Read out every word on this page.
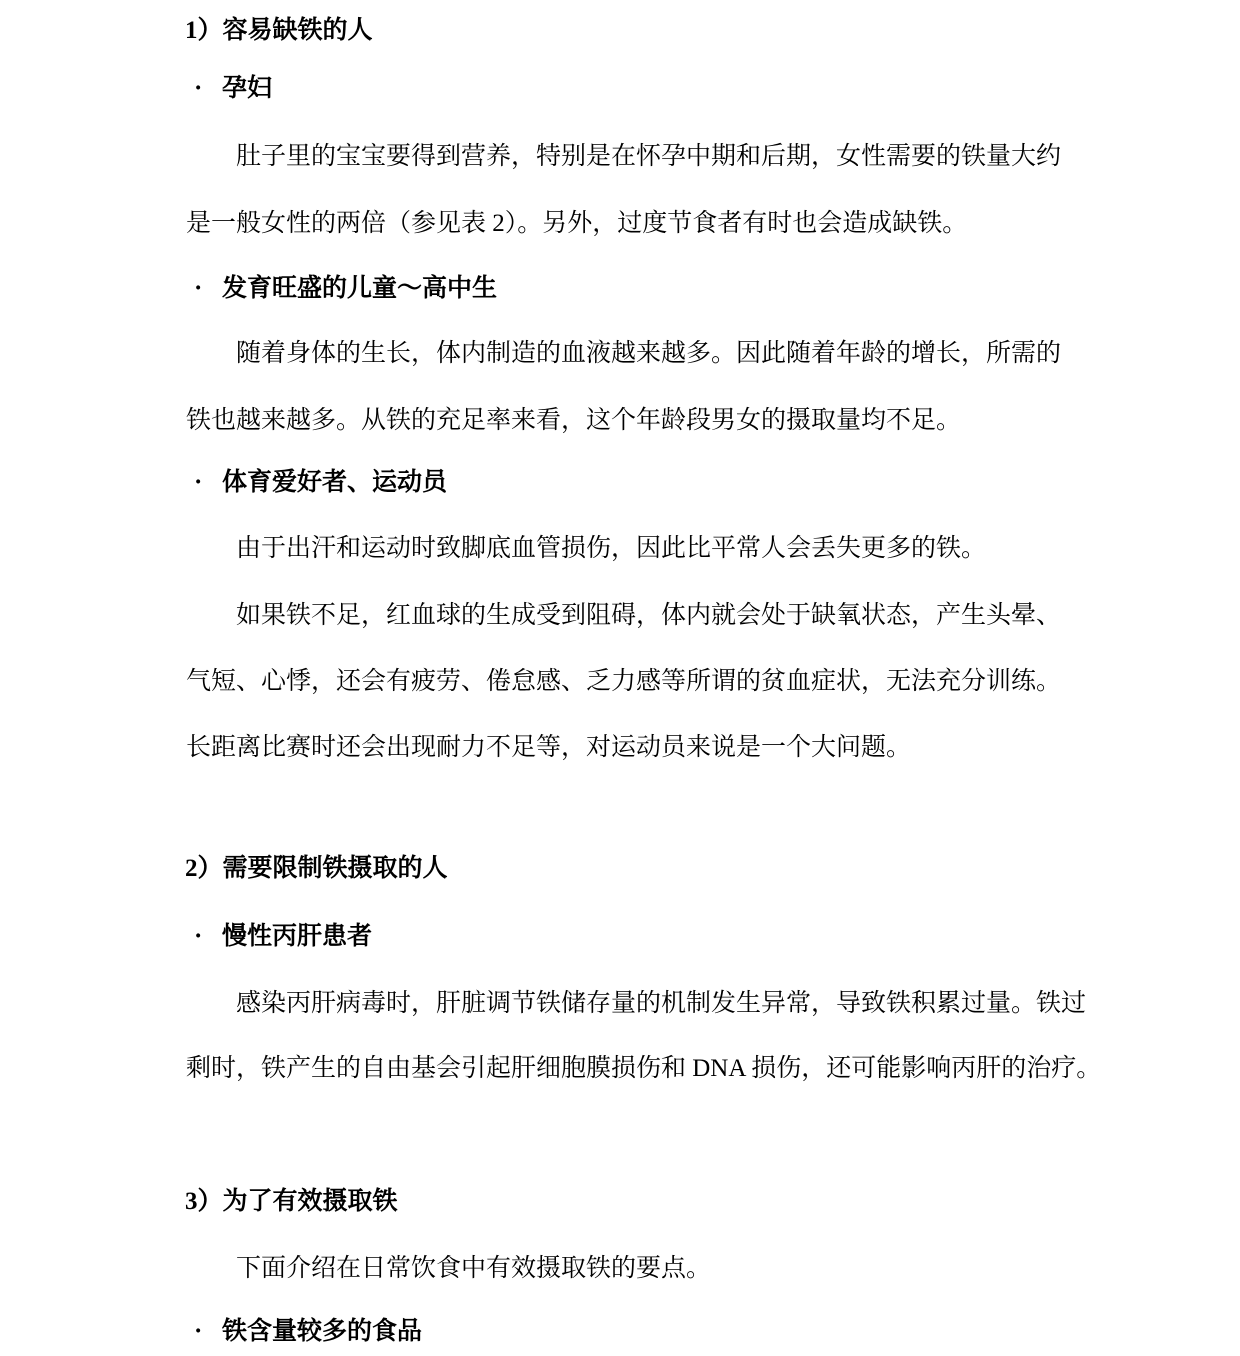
1）容易缺铁的人
· 孕妇
肚子里的宝宝要得到营养，特别是在怀孕中期和后期，女性需要的铁量大约
是一般女性的两倍（参见表 2）。另外，过度节食者有时也会造成缺铁。
· 发育旺盛的儿童～高中生
随着身体的生长，体内制造的血液越来越多。因此随着年龄的增长，所需的
铁也越来越多。从铁的充足率来看，这个年龄段男女的摄取量均不足。
· 体育爱好者、运动员
由于出汗和运动时致脚底血管损伤，因此比平常人会丢失更多的铁。
如果铁不足，红血球的生成受到阻碍，体内就会处于缺氧状态，产生头晕、
气短、心悸，还会有疲劳、倦怠感、乏力感等所谓的贫血症状，无法充分训练。
长距离比赛时还会出现耐力不足等，对运动员来说是一个大问题。
2）需要限制铁摄取的人
· 慢性丙肝患者
感染丙肝病毒时，肝脏调节铁储存量的机制发生异常，导致铁积累过量。铁过
剩时，铁产生的自由基会引起肝细胞膜损伤和 DNA 损伤，还可能影响丙肝的治疗。
3）为了有效摄取铁
下面介绍在日常饮食中有效摄取铁的要点。
· 铁含量较多的食品
